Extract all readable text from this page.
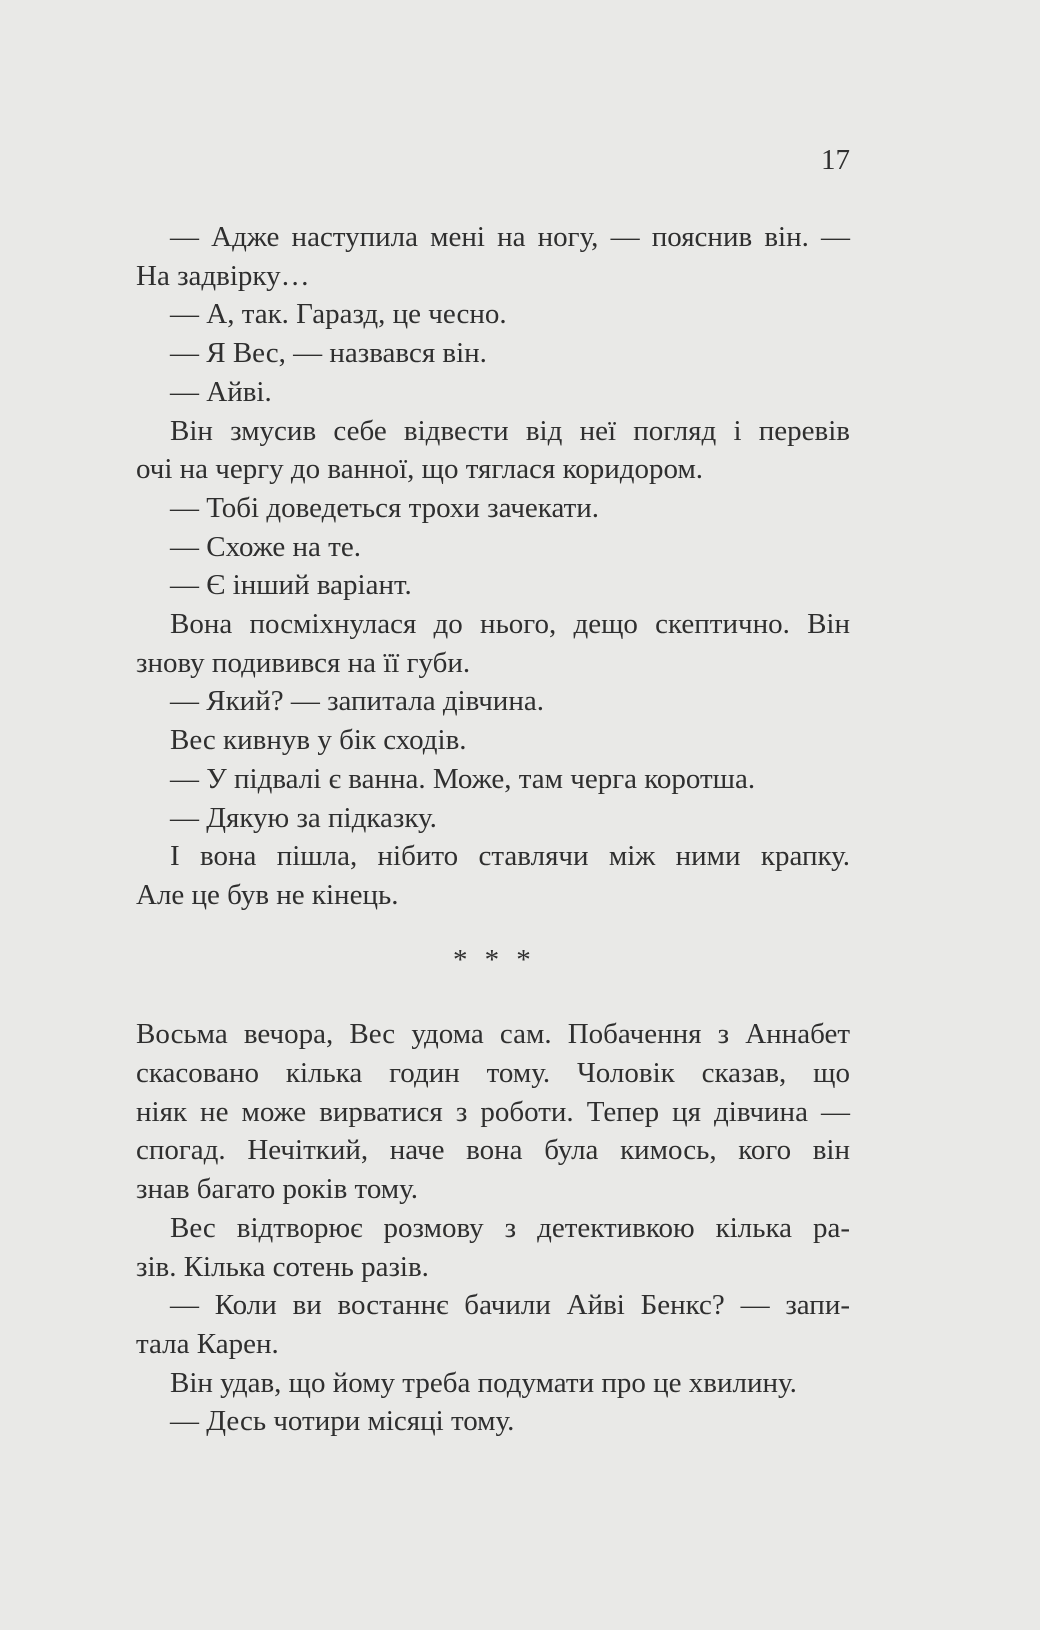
17
— Адже наступила мені на ногу, — пояснив він. —
На задвірку…
— А, так. Гаразд, це чесно.
— Я Вес, — назвався він.
— Айві.
Він змусив себе відвести від неї погляд і перевів
очі на чергу до ванної, що тяглася коридором.
— Тобі доведеться трохи зачекати.
— Схоже на те.
— Є інший варіант.
Вона посміхнулася до нього, дещо скептично. Він
знову подивився на її губи.
— Який? — запитала дівчина.
Вес кивнув у бік сходів.
— У підвалі є ванна. Може, там черга коротша.
— Дякую за підказку.
І вона пішла, нібито ставлячи між ними крапку.
Але це був не кінець.
* * *
Восьма вечора, Вес удома сам. Побачення з Аннабет
скасовано кілька годин тому. Чоловік сказав, що
ніяк не може вирватися з роботи. Тепер ця дівчина —
спогад. Нечіткий, наче вона була кимось, кого він
знав багато років тому.
Вес відтворює розмову з детективкою кілька ра-
зів. Кілька сотень разів.
— Коли ви востаннє бачили Айві Бенкс? — запи-
тала Карен.
Він удав, що йому треба подумати про це хвилину.
— Десь чотири місяці тому.
